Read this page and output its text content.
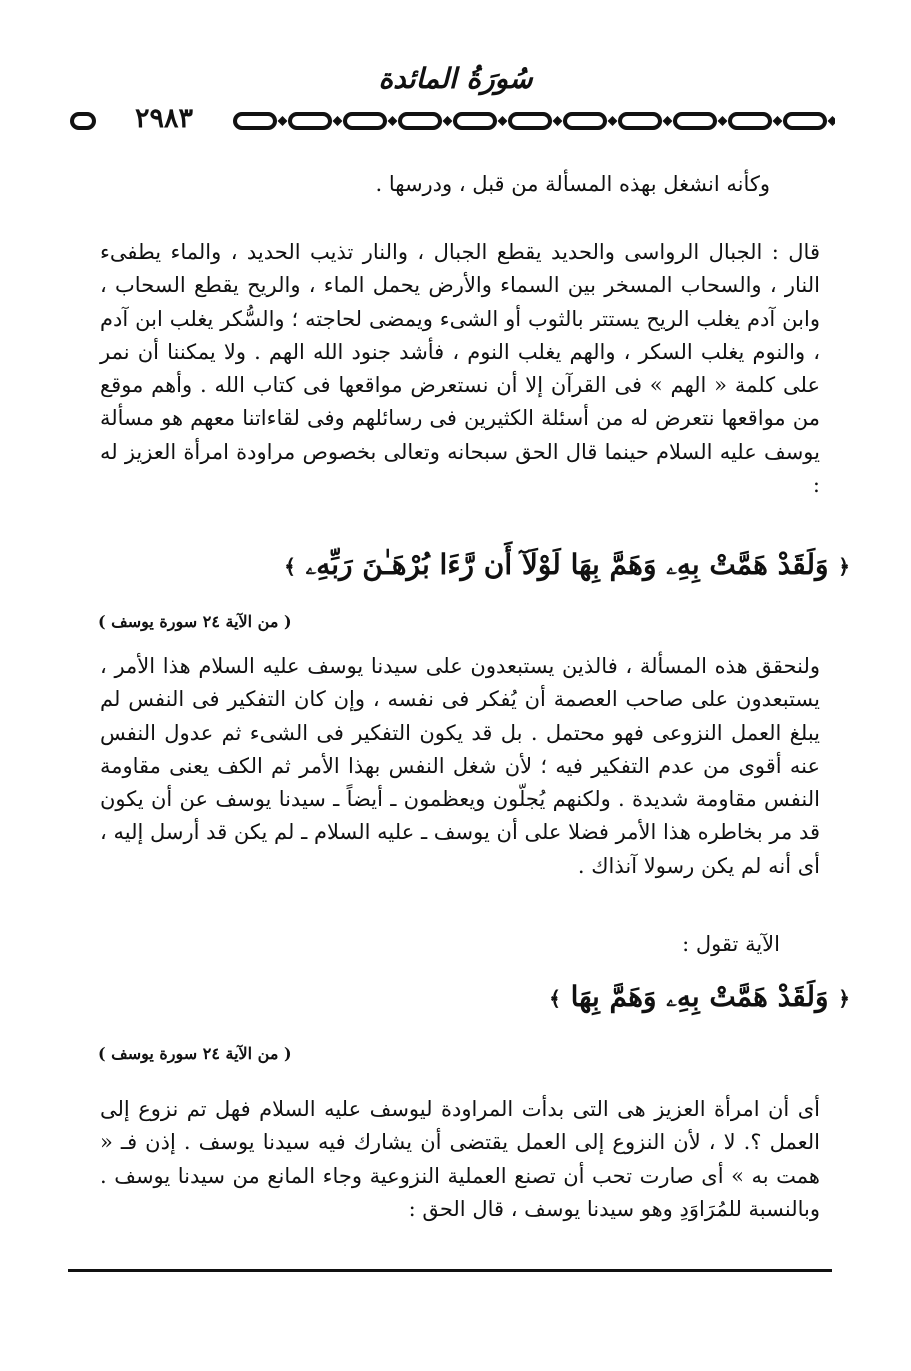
سُورَةُ المائدة
٢٩٨٣

وكأنه انشغل بهذه المسألة من قبل ، ودرسها .

قال : الجبال الرواسى والحديد يقطع الجبال ، والنار تذيب الحديد ، والماء يطفىء النار ، والسحاب المسخر بين السماء والأرض يحمل الماء ، والريح يقطع السحاب ، وابن آدم يغلب الريح يستتر بالثوب أو الشىء ويمضى لحاجته ؛ والسُّكر يغلب ابن آدم ، والنوم يغلب السكر ، والهم يغلب النوم ، فأشد جنود الله الهم . ولا يمكننا أن نمر على كلمة « الهم » فى القرآن إلا أن نستعرض مواقعها فى كتاب الله . وأهم موقع من مواقعها نتعرض له من أسئلة الكثيرين فى رسائلهم وفى لقاءاتنا معهم هو مسألة يوسف عليه السلام حينما قال الحق سبحانه وتعالى بخصوص مراودة امرأة العزيز له :

﴿ وَلَقَدْ هَمَّتْ بِهِۦ وَهَمَّ بِهَا لَوْلَآ أَن رَّءَا بُرْهَـٰنَ رَبِّهِۦ ﴾
( من الآية ٢٤ سورة يوسف )

ولنحقق هذه المسألة ، فالذين يستبعدون على سيدنا يوسف عليه السلام هذا الأمر ، يستبعدون على صاحب العصمة أن يُفكر فى نفسه ، وإن كان التفكير فى النفس لم يبلغ العمل النزوعى فهو محتمل . بل قد يكون التفكير فى الشىء ثم عدول النفس عنه أقوى من عدم التفكير فيه ؛ لأن شغل النفس بهذا الأمر ثم الكف يعنى مقاومة النفس مقاومة شديدة . ولكنهم يُجلّون ويعظمون ـ أيضاً ـ سيدنا يوسف عن أن يكون قد مر بخاطره هذا الأمر فضلا على أن يوسف ـ عليه السلام ـ لم يكن قد أرسل إليه ، أى أنه لم يكن رسولا آنذاك .

الآية تقول :

﴿ وَلَقَدْ هَمَّتْ بِهِۦ وَهَمَّ بِهَا ﴾
( من الآية ٢٤ سورة يوسف )

أى أن امرأة العزيز هى التى بدأت المراودة ليوسف عليه السلام فهل تم نزوع إلى العمل ؟. لا ، لأن النزوع إلى العمل يقتضى أن يشارك فيه سيدنا يوسف . إذن فـ « همت به » أى صارت تحب أن تصنع العملية النزوعية وجاء المانع من سيدنا يوسف . وبالنسبة للمُرَاوَدِ وهو سيدنا يوسف ، قال الحق :
